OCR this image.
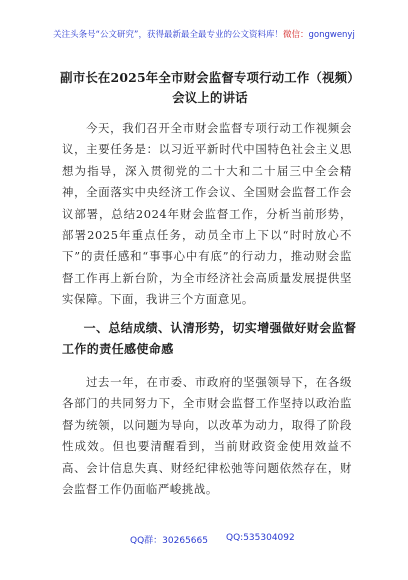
关注头条号“公文研究”，获得最新最全最专业的公文资料库！微信：gongwenyj
副市长在2025年全市财会监督专项行动工作（视频）会议上的讲话

今天，我们召开全市财会监督专项行动工作视频会议，主要任务是：以习近平新时代中国特色社会主义思想为指导，深入贯彻党的二十大和二十届三中全会精神，全面落实中央经济工作会议、全国财会监督工作会议部署，总结2024年财会监督工作，分析当前形势，部署2025年重点任务，动员全市上下以“时时放心不下”的责任感和“事事心中有底”的行动力，推动财会监督工作再上新台阶，为全市经济社会高质量发展提供坚实保障。下面，我讲三个方面意见。

一、总结成绩、认清形势，切实增强做好财会监督工作的责任感使命感

过去一年，在市委、市政府的坚强领导下，在各级各部门的共同努力下，全市财会监督工作坚持以政治监督为统领，以问题为导向，以改革为动力，取得了阶段性成效。但也要清醒看到，当前财政资金使用效益不高、会计信息失真、财经纪律松弛等问题依然存在，财会监督工作仍面临严峻挑战。

QQ群：30265665 QQ:535304092
